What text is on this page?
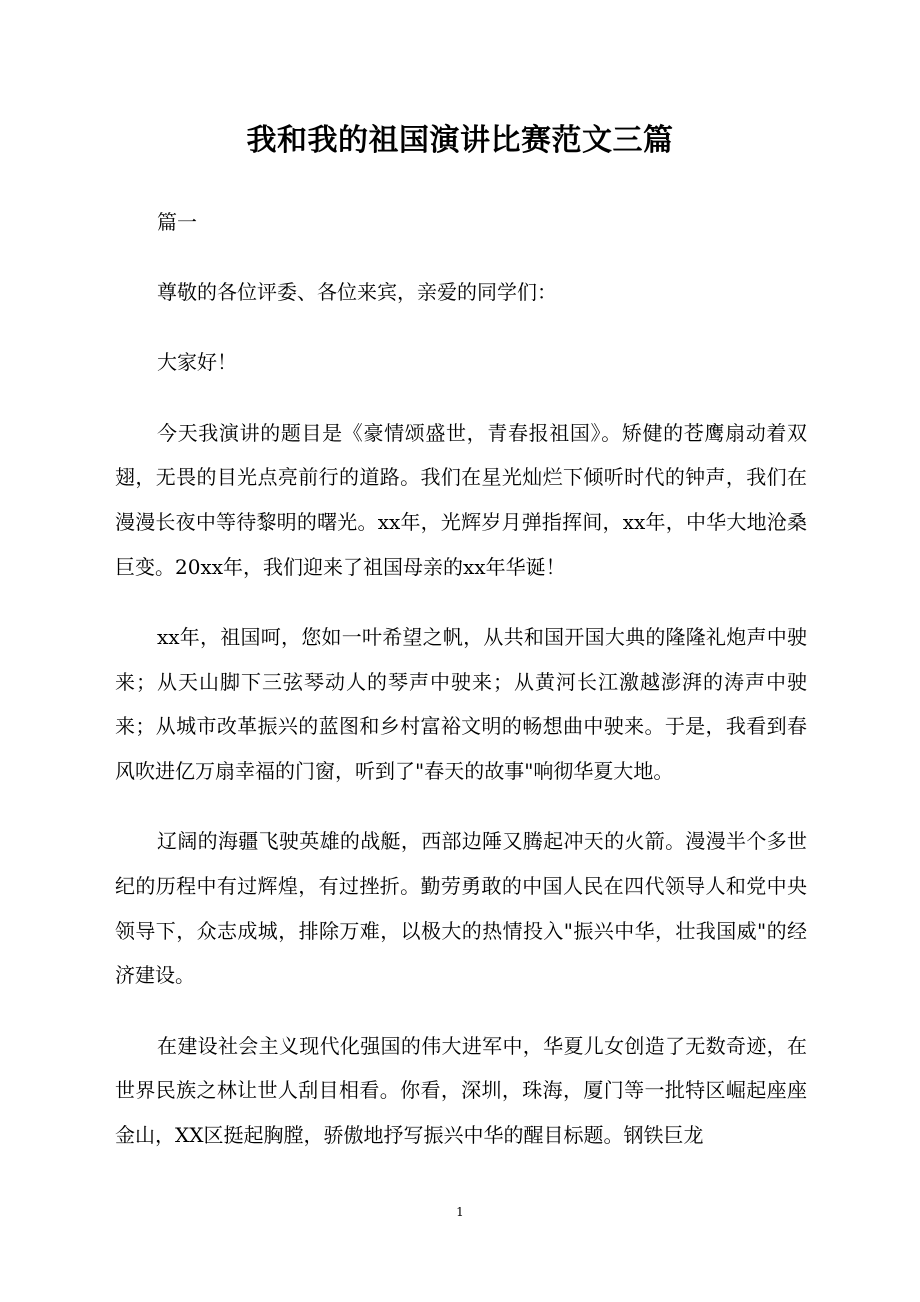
我和我的祖国演讲比赛范文三篇

篇一

尊敬的各位评委、各位来宾，亲爱的同学们：

大家好！

今天我演讲的题目是《豪情颂盛世，青春报祖国》。矫健的苍鹰扇动着双翅，无畏的目光点亮前行的道路。我们在星光灿烂下倾听时代的钟声，我们在漫漫长夜中等待黎明的曙光。xx年，光辉岁月弹指挥间，xx年，中华大地沧桑巨变。20xx年，我们迎来了祖国母亲的xx年华诞！

xx年，祖国呵，您如一叶希望之帆，从共和国开国大典的隆隆礼炮声中驶来；从天山脚下三弦琴动人的琴声中驶来；从黄河长江激越澎湃的涛声中驶来；从城市改革振兴的蓝图和乡村富裕文明的畅想曲中驶来。于是，我看到春风吹进亿万扇幸福的门窗，听到了"春天的故事"响彻华夏大地。

辽阔的海疆飞驶英雄的战艇，西部边陲又腾起冲天的火箭。漫漫半个多世纪的历程中有过辉煌，有过挫折。勤劳勇敢的中国人民在四代领导人和党中央领导下，众志成城，排除万难，以极大的热情投入"振兴中华，壮我国威"的经济建设。

在建设社会主义现代化强国的伟大进军中，华夏儿女创造了无数奇迹，在世界民族之林让世人刮目相看。你看，深圳，珠海，厦门等一批特区崛起座座金山，XX区挺起胸膛，骄傲地抒写振兴中华的醒目标题。钢铁巨龙

1
